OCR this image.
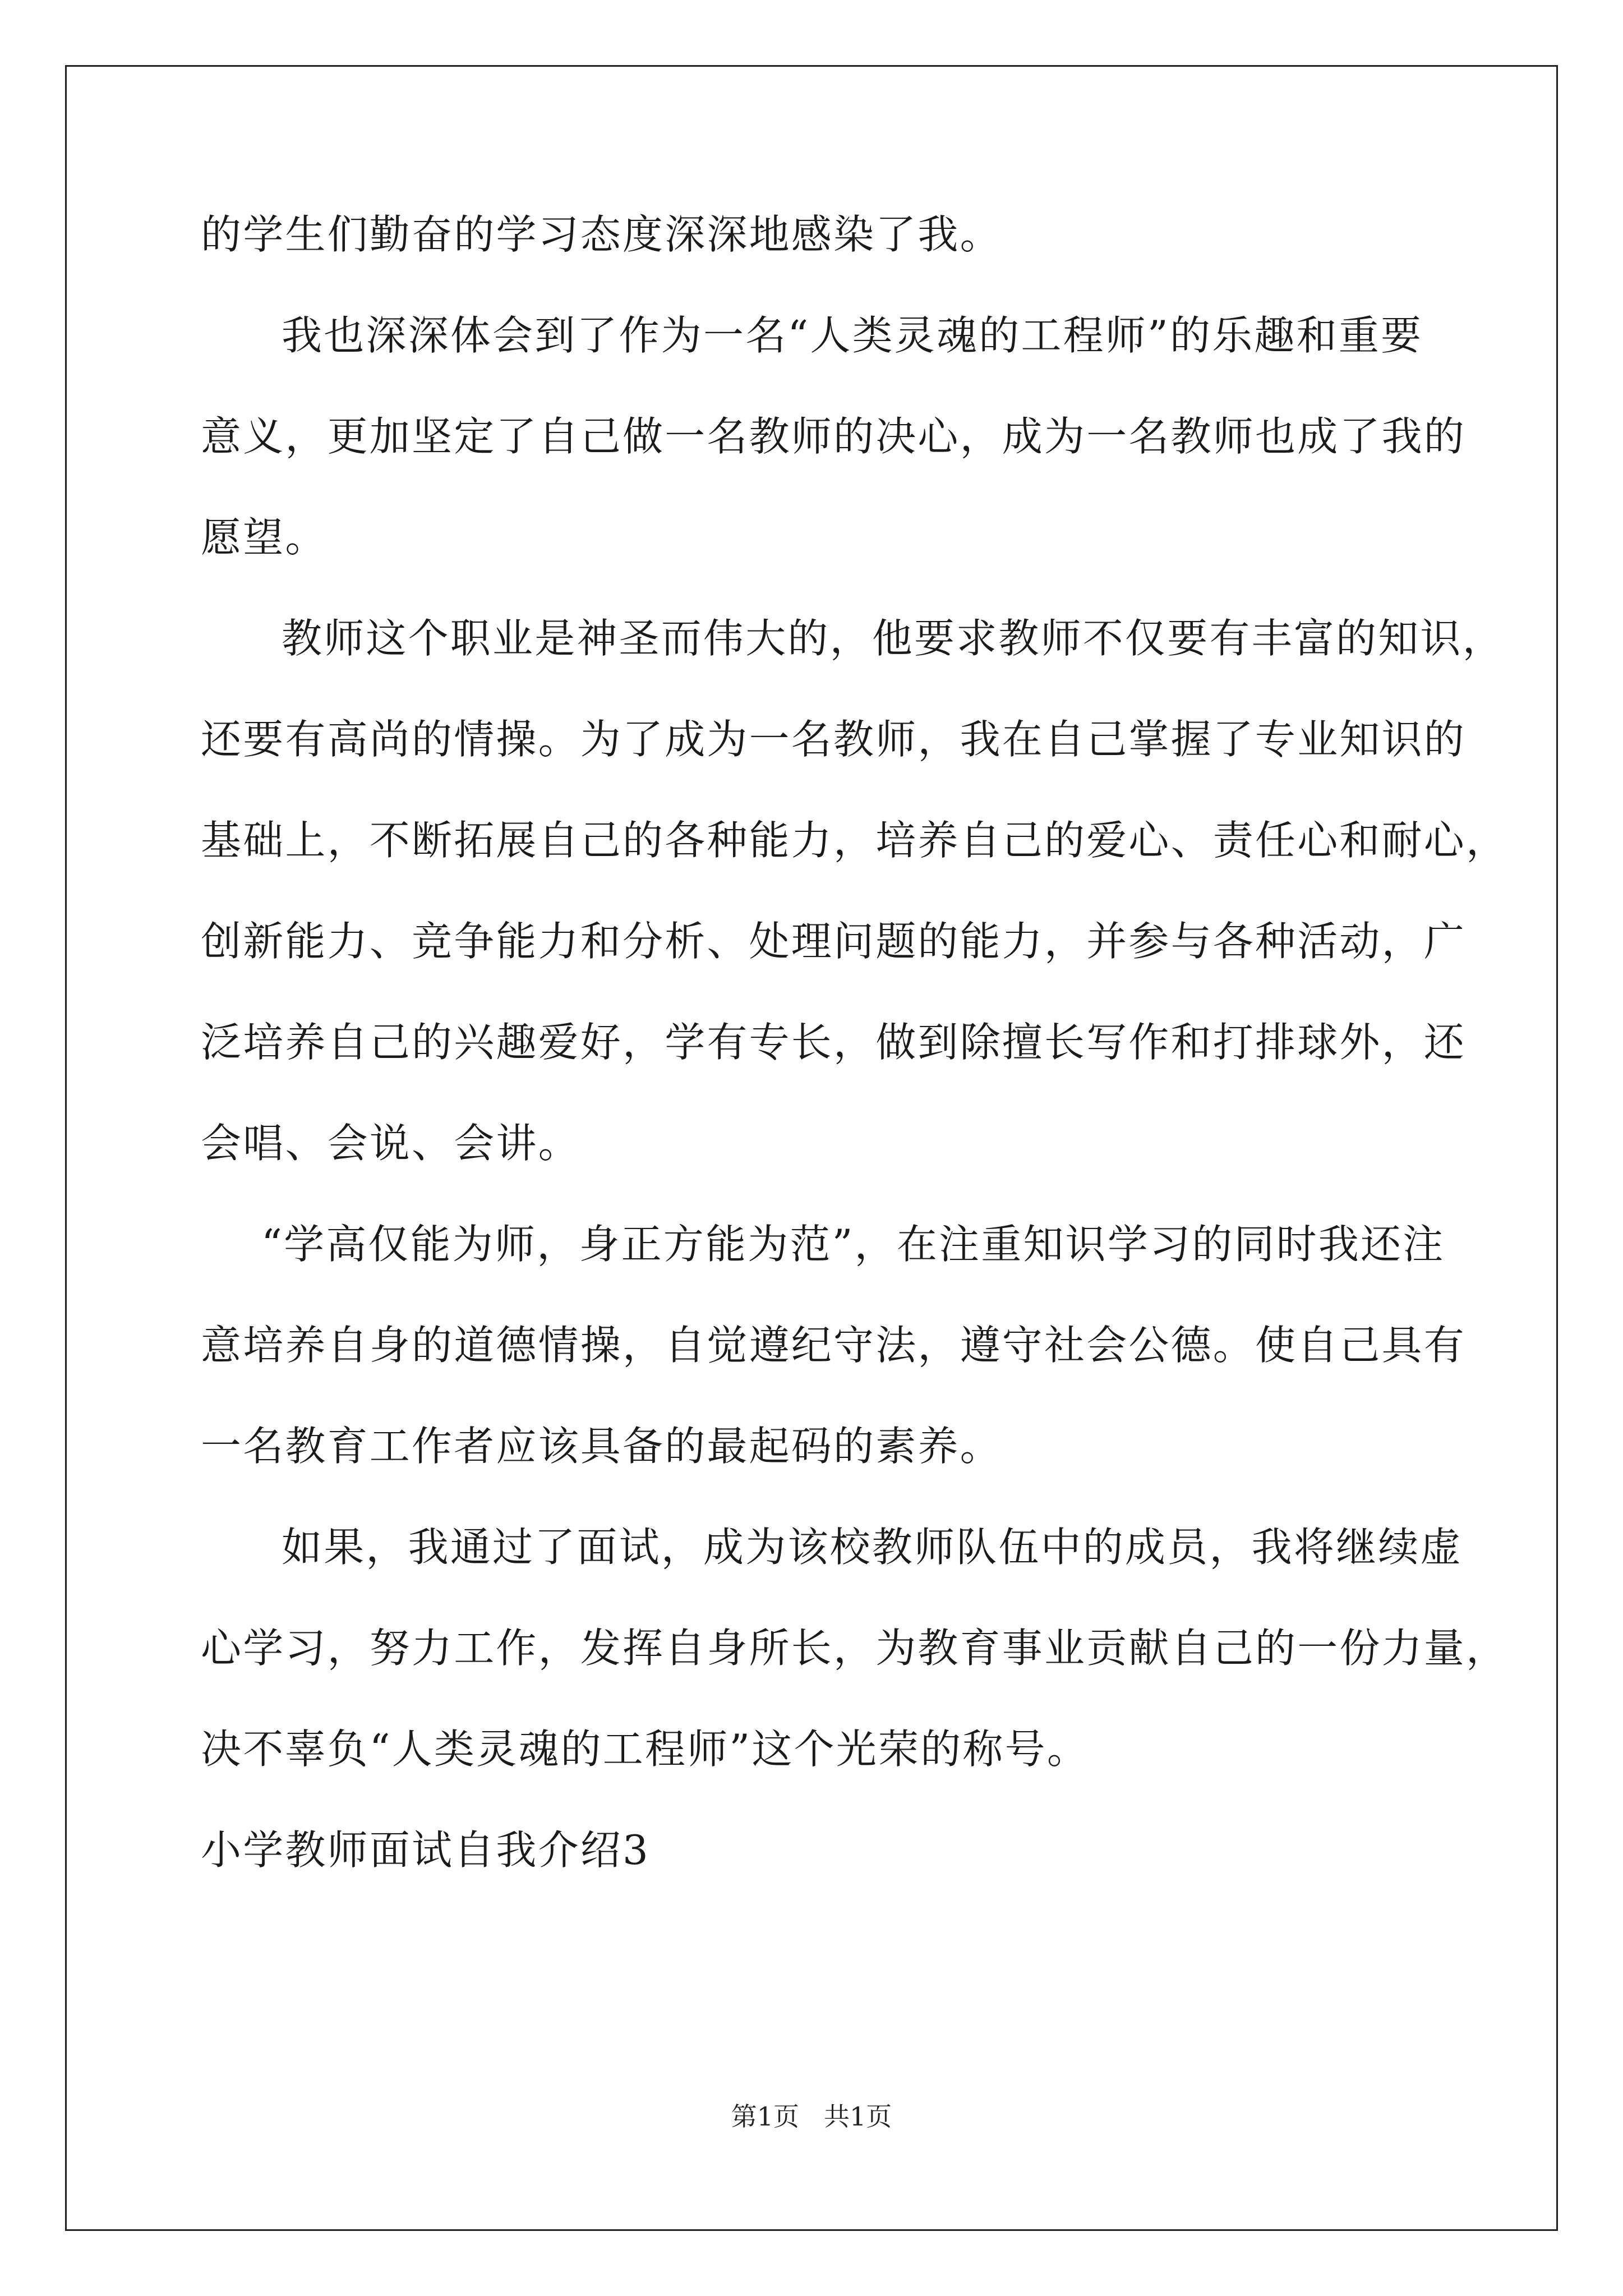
的学生们勤奋的学习态度深深地感染了我。
我也深深体会到了作为一名“人类灵魂的工程师”的乐趣和重要
意义，更加坚定了自己做一名教师的决心，成为一名教师也成了我的
愿望。
教师这个职业是神圣而伟大的，他要求教师不仅要有丰富的知识，
还要有高尚的情操。为了成为一名教师，我在自己掌握了专业知识的
基础上，不断拓展自己的各种能力，培养自己的爱心、责任心和耐心，
创新能力、竞争能力和分析、处理问题的能力，并参与各种活动，广
泛培养自己的兴趣爱好，学有专长，做到除擅长写作和打排球外，还
会唱、会说、会讲。
“学高仅能为师，身正方能为范”，在注重知识学习的同时我还注
意培养自身的道德情操，自觉遵纪守法，遵守社会公德。使自己具有
一名教育工作者应该具备的最起码的素养。
如果，我通过了面试，成为该校教师队伍中的成员，我将继续虚
心学习，努力工作，发挥自身所长，为教育事业贡献自己的一份力量，
决不辜负“人类灵魂的工程师”这个光荣的称号。
小学教师面试自我介绍3
第1页 共1页
